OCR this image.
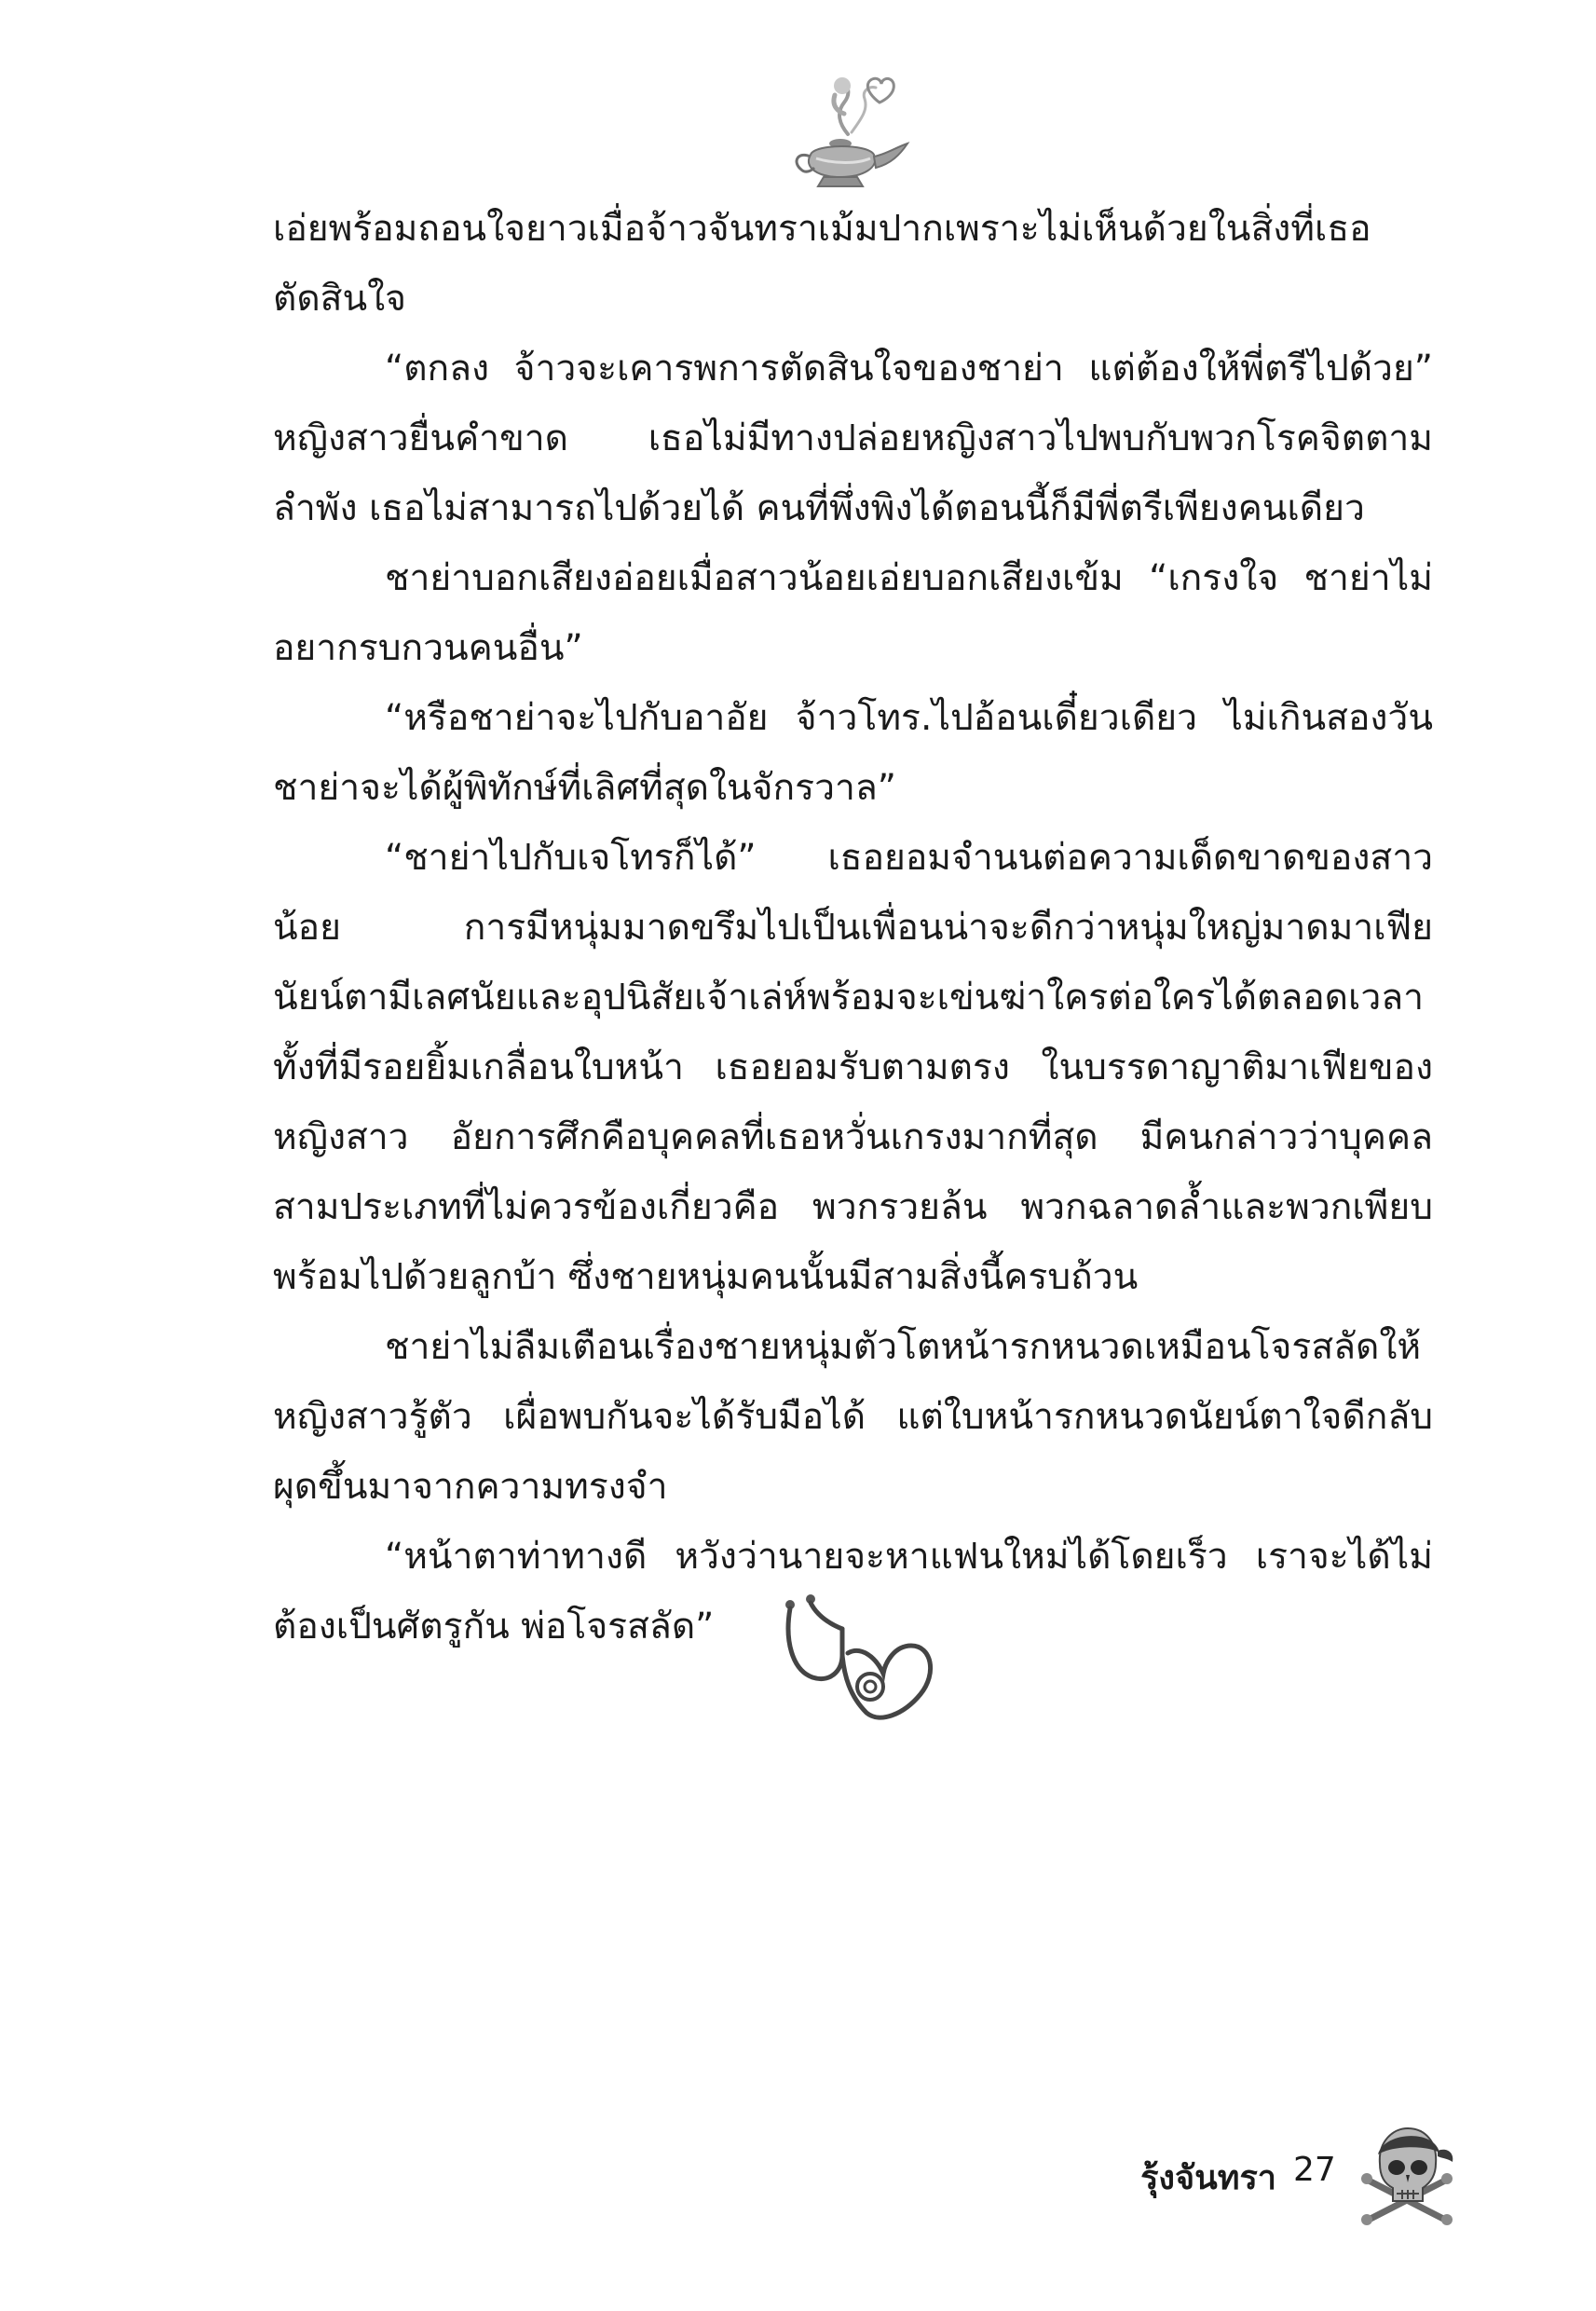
เอ่ยพร้อมถอนใจยาวเมื่อจ้าวจันทราเม้มปากเพราะไม่เห็นด้วยในสิ่งที่เธอตัดสินใจ

“ตกลง จ้าวจะเคารพการตัดสินใจของชาย่า แต่ต้องให้พี่ตรีไปด้วย” หญิงสาวยื่นคำขาด เธอไม่มีทางปล่อยหญิงสาวไปพบกับพวกโรคจิตตามลำพัง เธอไม่สามารถไปด้วยได้ คนที่พึ่งพิงได้ตอนนี้ก็มีพี่ตรีเพียงคนเดียว

ชาย่าบอกเสียงอ่อยเมื่อสาวน้อยเอ่ยบอกเสียงเข้ม “เกรงใจ ชาย่าไม่อยากรบกวนคนอื่น”

“หรือชาย่าจะไปกับอาอัย จ้าวโทร.ไปอ้อนเดี๋ยวเดียว ไม่เกินสองวันชาย่าจะได้ผู้พิทักษ์ที่เลิศที่สุดในจักรวาล”

“ชาย่าไปกับเจโทรก็ได้” เธอยอมจำนนต่อความเด็ดขาดของสาวน้อย การมีหนุ่มมาดขรึมไปเป็นเพื่อนน่าจะดีกว่าหนุ่มใหญ่มาดมาเฟีย นัยน์ตามีเลศนัยและอุปนิสัยเจ้าเล่ห์พร้อมจะเข่นฆ่าใครต่อใครได้ตลอดเวลาทั้งที่มีรอยยิ้มเกลื่อนใบหน้า เธอยอมรับตามตรง ในบรรดาญาติมาเฟียของหญิงสาว อัยการศึกคือบุคคลที่เธอหวั่นเกรงมากที่สุด มีคนกล่าวว่าบุคคลสามประเภทที่ไม่ควรข้องเกี่ยวคือ พวกรวยล้น พวกฉลาดล้ำและพวกเพียบพร้อมไปด้วยลูกบ้า ซึ่งชายหนุ่มคนนั้นมีสามสิ่งนี้ครบถ้วน

ชาย่าไม่ลืมเตือนเรื่องชายหนุ่มตัวโตหน้ารกหนวดเหมือนโจรสลัดให้หญิงสาวรู้ตัว เผื่อพบกันจะได้รับมือได้ แต่ใบหน้ารกหนวดนัยน์ตาใจดีกลับผุดขึ้นมาจากความทรงจำ

“หน้าตาท่าทางดี หวังว่านายจะหาแฟนใหม่ได้โดยเร็ว เราจะได้ไม่ต้องเป็นศัตรูกัน พ่อโจรสลัด”

รุ้งจันทรา 27
